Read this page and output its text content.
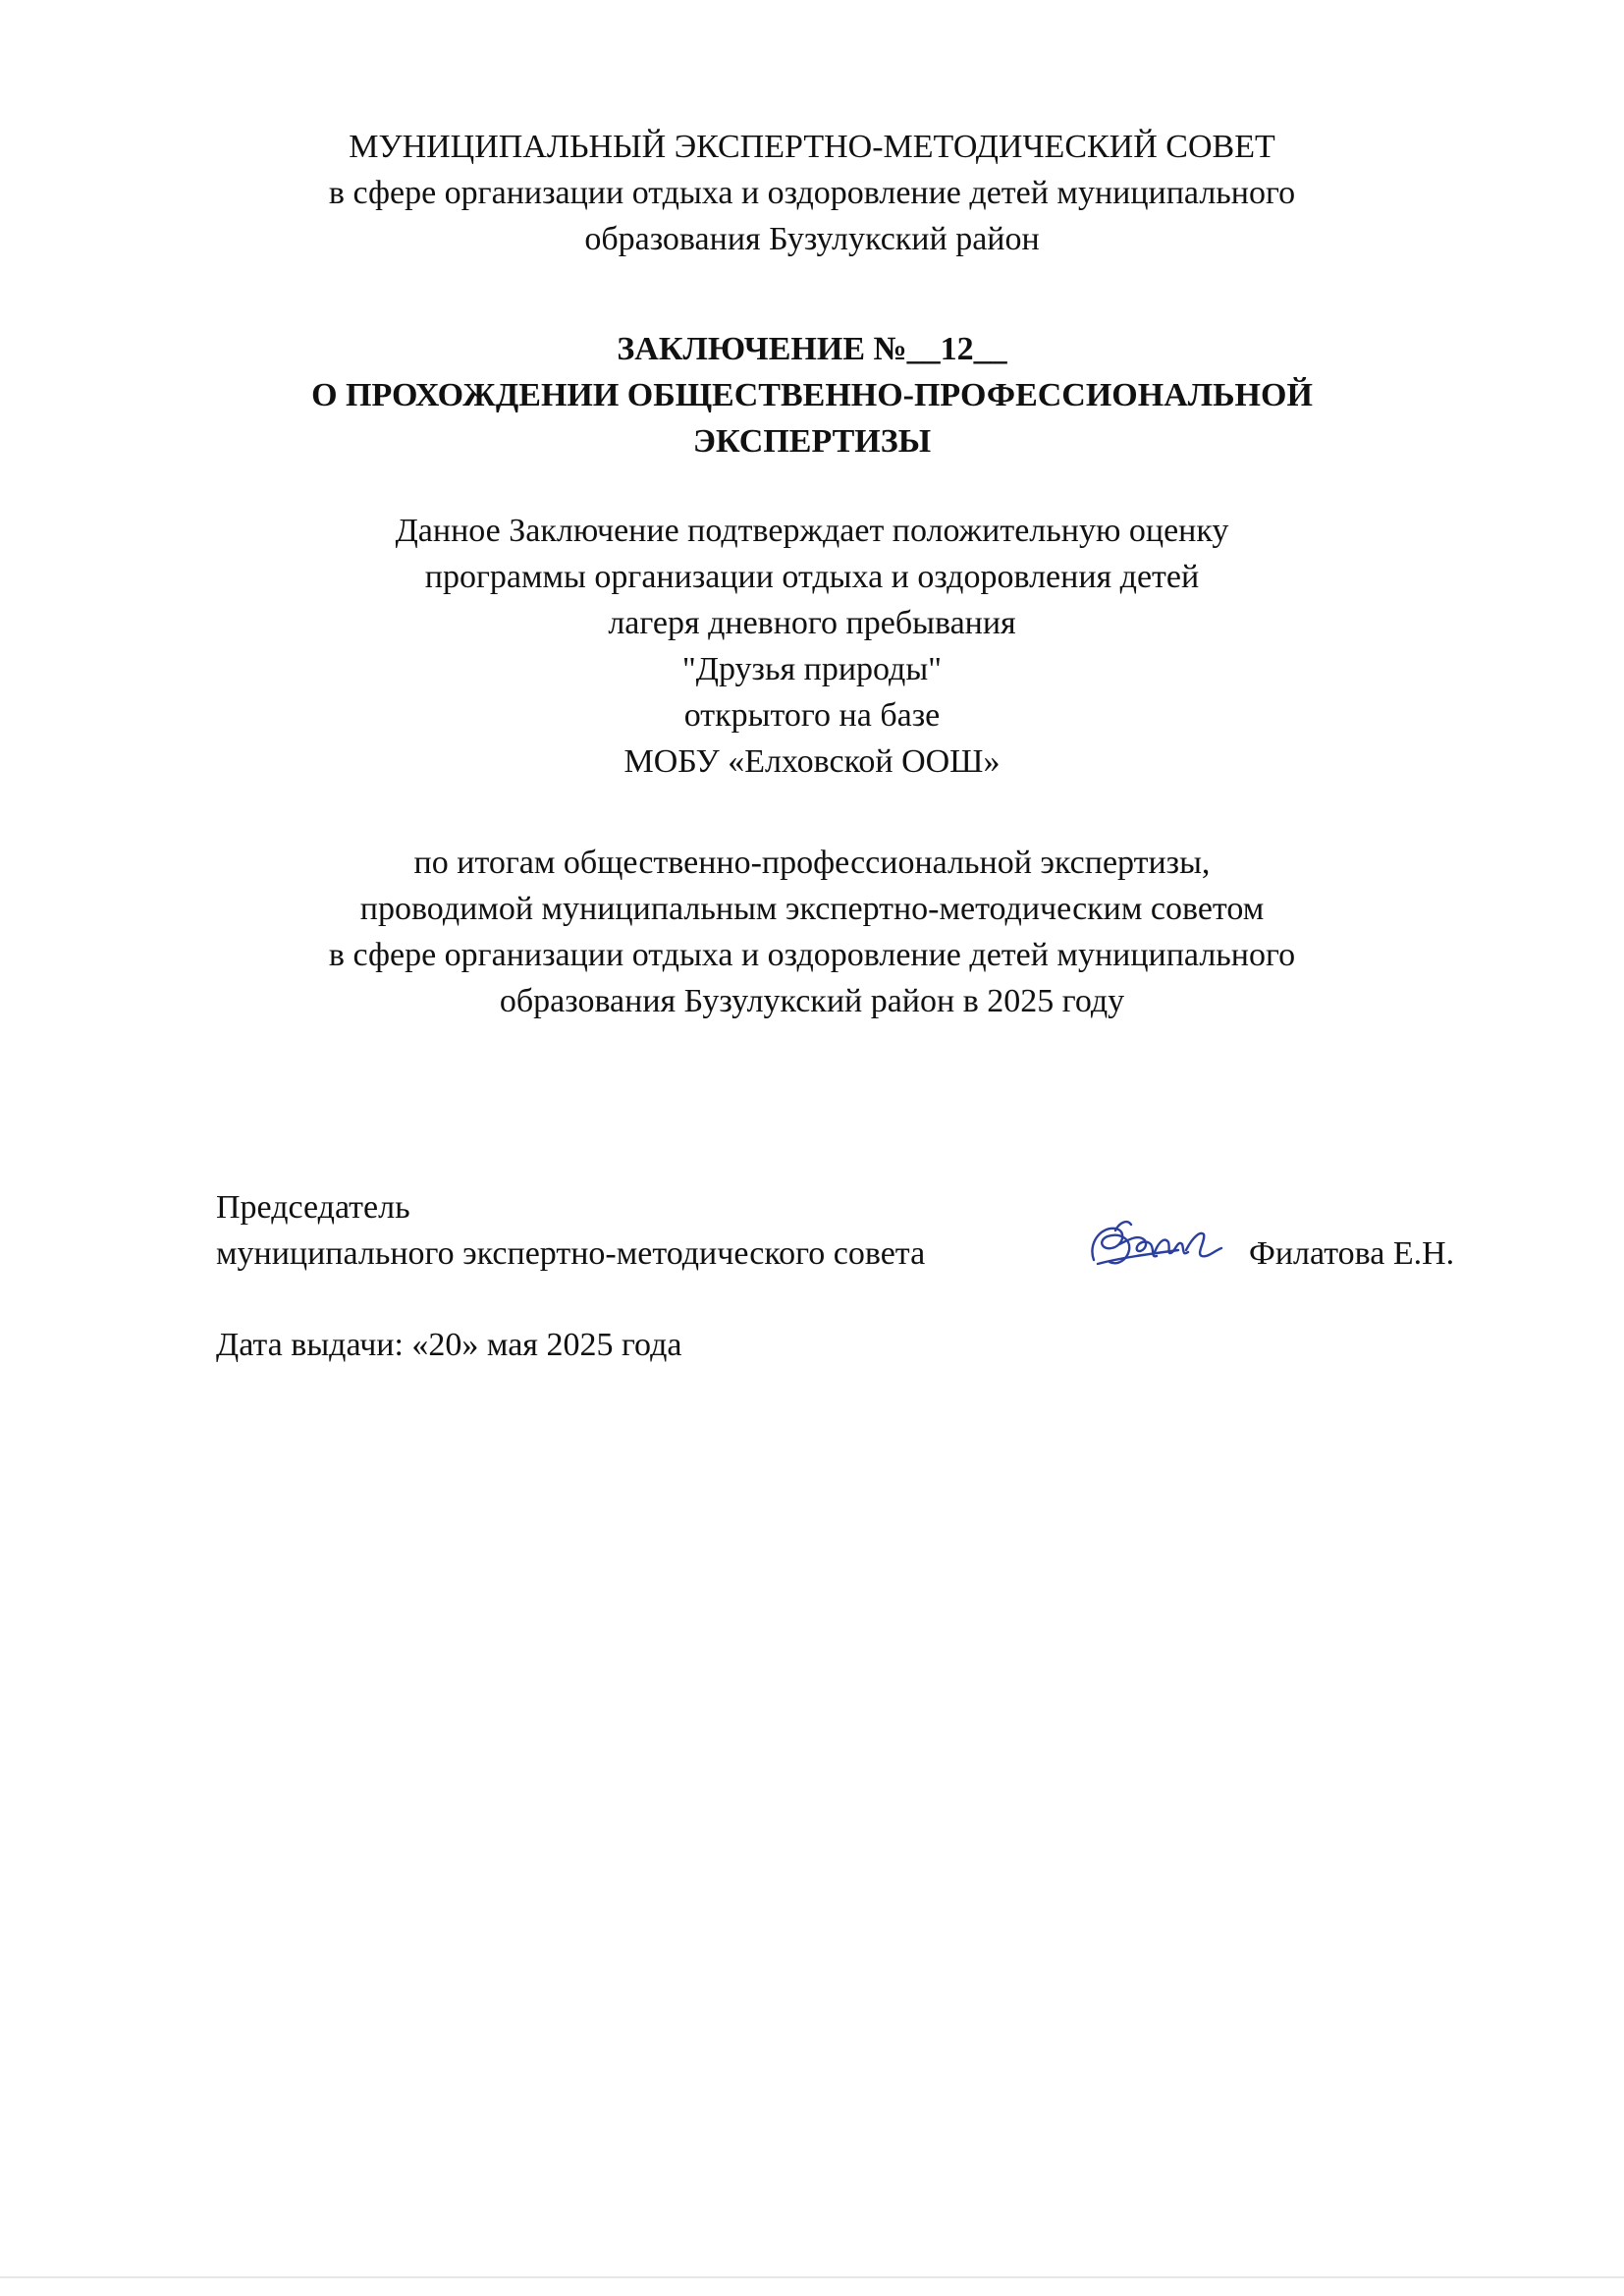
МУНИЦИПАЛЬНЫЙ ЭКСПЕРТНО-МЕТОДИЧЕСКИЙ СОВЕТ
в сфере организации отдыха и оздоровление детей муниципального
образования Бузулукский район
ЗАКЛЮЧЕНИЕ №__12__
О ПРОХОЖДЕНИИ ОБЩЕСТВЕННО-ПРОФЕССИОНАЛЬНОЙ
ЭКСПЕРТИЗЫ
Данное Заключение подтверждает положительную оценку
программы организации отдыха и оздоровления детей
лагеря дневного пребывания
"Друзья природы"
открытого на базе
МОБУ «Елховской ООШ»
по итогам общественно-профессиональной экспертизы,
проводимой муниципальным экспертно-методическим советом
в сфере организации отдыха и оздоровление детей муниципального
образования Бузулукский район в 2025 году
Председатель
муниципального экспертно-методического совета	Филатова Е.Н.
Дата выдачи: «20» мая 2025 года
